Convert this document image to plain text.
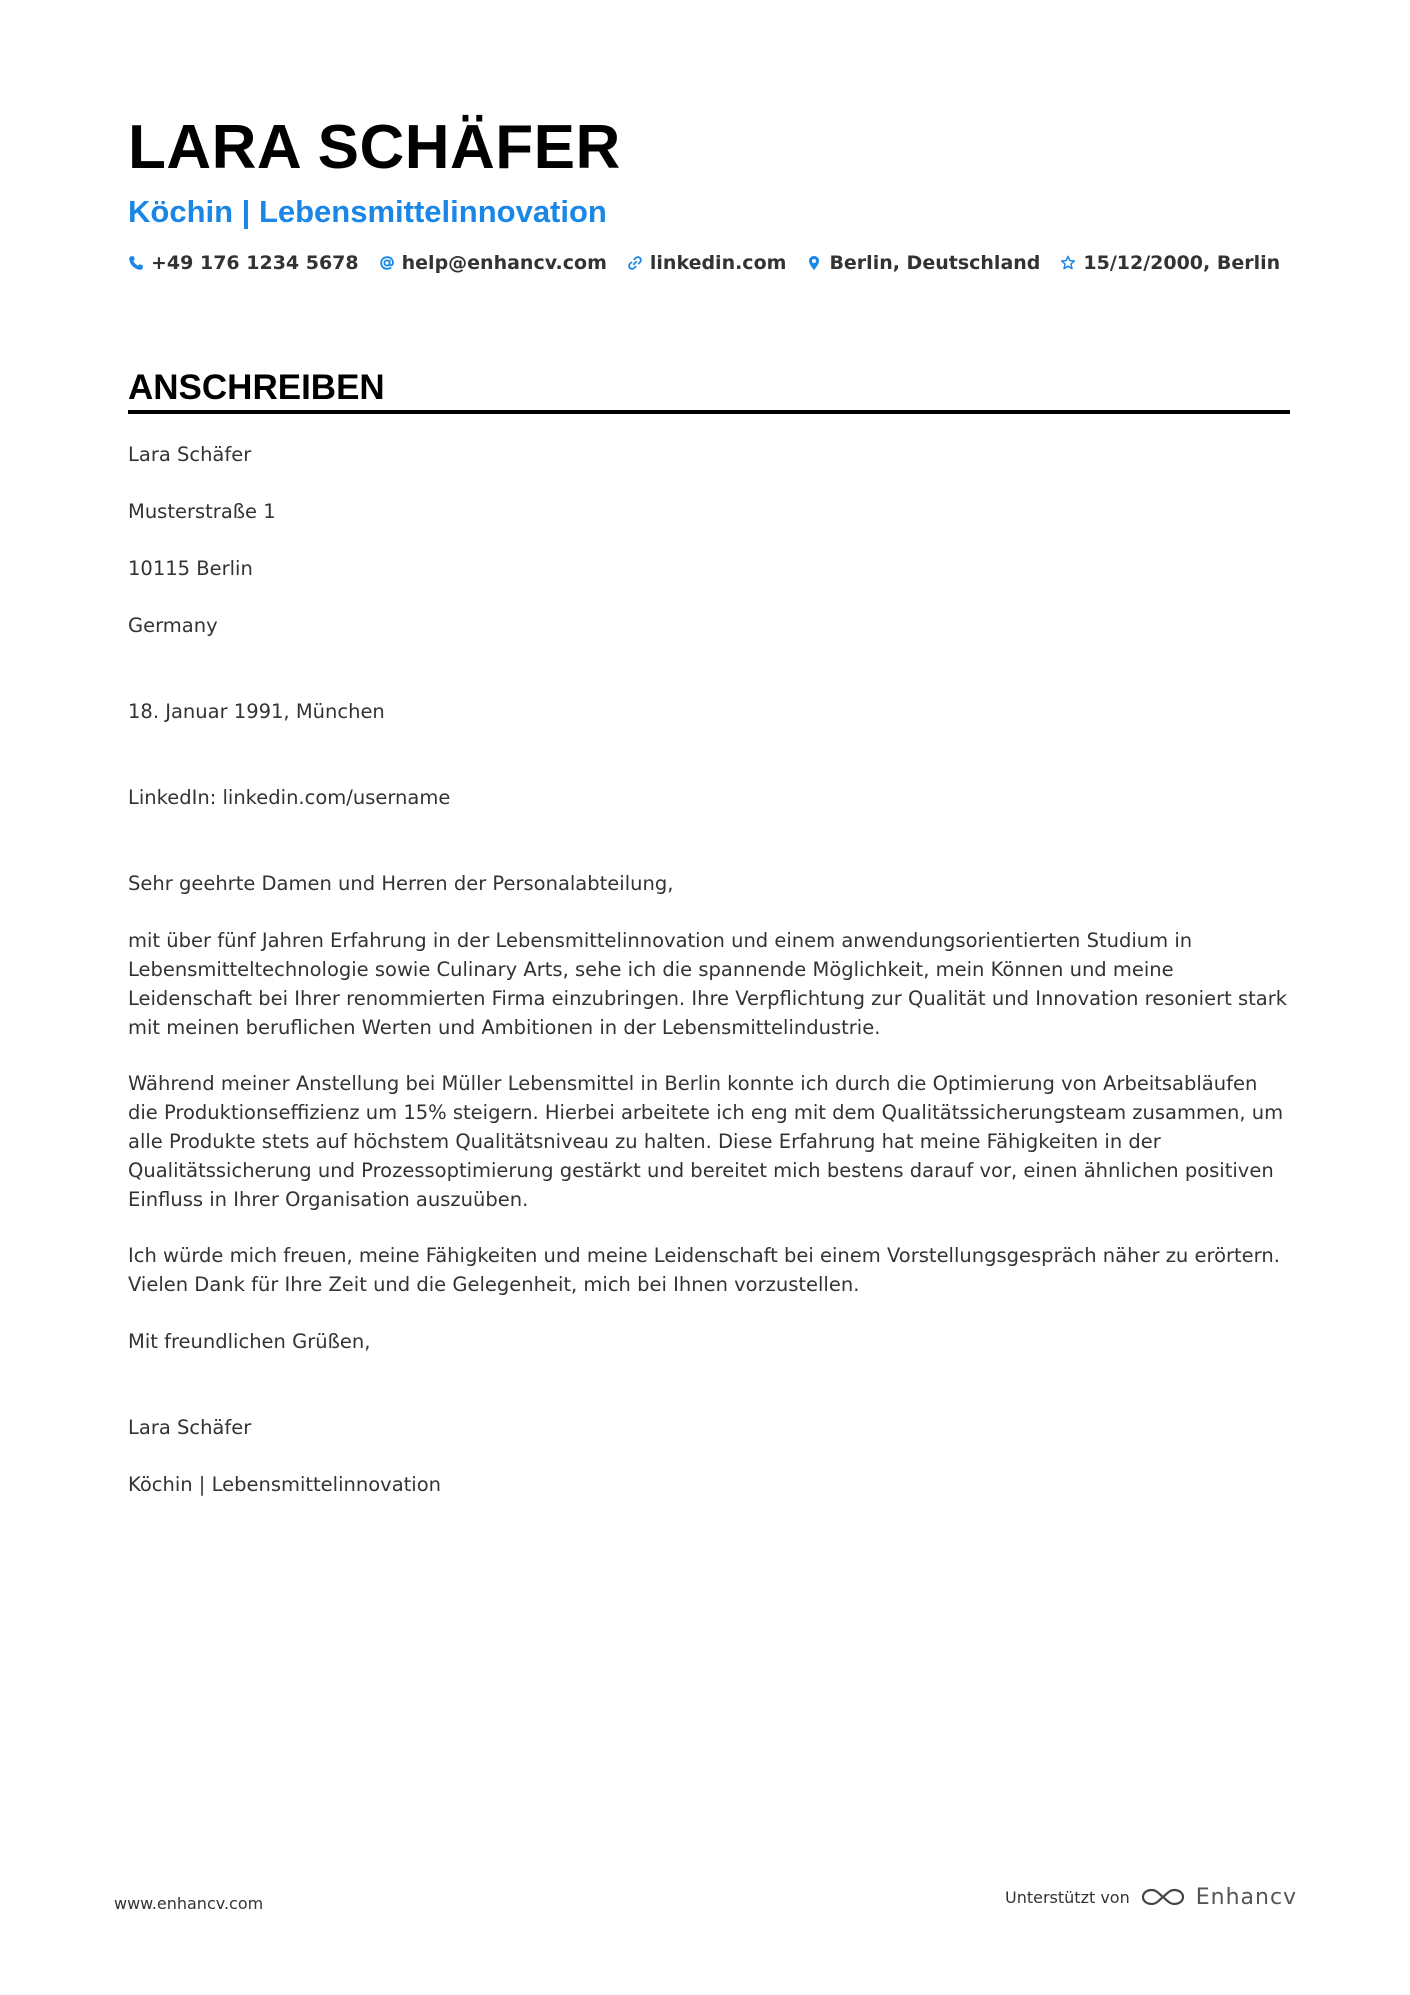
LARA SCHÄFER
Köchin | Lebensmittelinnovation
+49 176 1234 5678 help@enhancv.com linkedin.com Berlin, Deutschland 15/12/2000, Berlin
ANSCHREIBEN

Lara Schäfer

Musterstraße 1

10115 Berlin

Germany

18. Januar 1991, München

LinkedIn: linkedin.com/username

Sehr geehrte Damen und Herren der Personalabteilung,

mit über fünf Jahren Erfahrung in der Lebensmittelinnovation und einem anwendungsorientierten Studium in Lebensmitteltechnologie sowie Culinary Arts, sehe ich die spannende Möglichkeit, mein Können und meine Leidenschaft bei Ihrer renommierten Firma einzubringen. Ihre Verpflichtung zur Qualität und Innovation resoniert stark mit meinen beruflichen Werten und Ambitionen in der Lebensmittelindustrie.

Während meiner Anstellung bei Müller Lebensmittel in Berlin konnte ich durch die Optimierung von Arbeitsabläufen die Produktionseffizienz um 15% steigern. Hierbei arbeitete ich eng mit dem Qualitätssicherungsteam zusammen, um alle Produkte stets auf höchstem Qualitätsniveau zu halten. Diese Erfahrung hat meine Fähigkeiten in der Qualitätssicherung und Prozessoptimierung gestärkt und bereitet mich bestens darauf vor, einen ähnlichen positiven Einfluss in Ihrer Organisation auszuüben.

Ich würde mich freuen, meine Fähigkeiten und meine Leidenschaft bei einem Vorstellungsgespräch näher zu erörtern. Vielen Dank für Ihre Zeit und die Gelegenheit, mich bei Ihnen vorzustellen.

Mit freundlichen Grüßen,

Lara Schäfer

Köchin | Lebensmittelinnovation

www.enhancv.com	Unterstützt von	Enhancv
